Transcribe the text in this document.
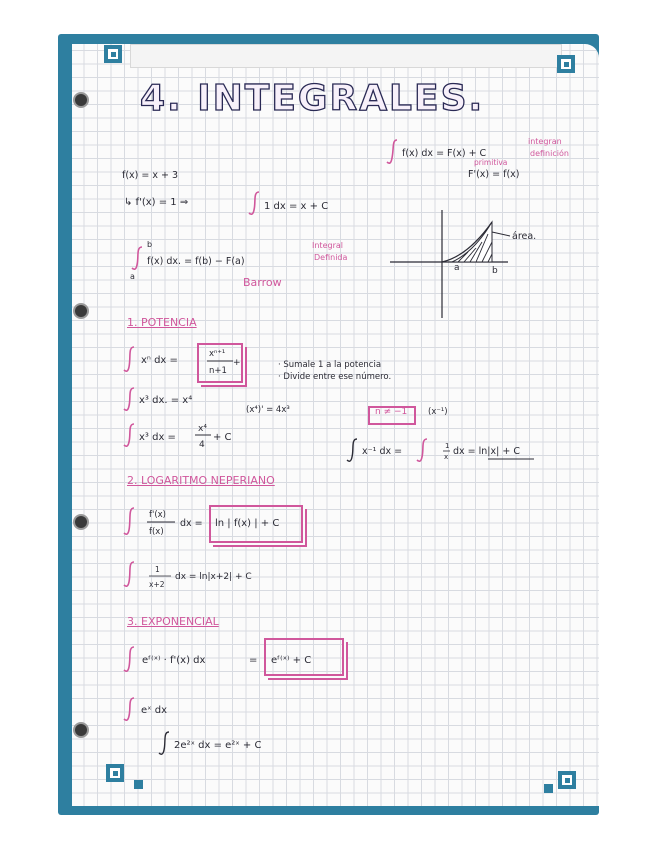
4. INTEGRALES.
f(x) dx = F(x) + C
integran
definición
primitiva
F'(x) = f(x)
f(x) = x + 3
↳ f'(x) = 1 ⇒	1 dx = x + C
b
a
f(x) dx. = f(b) − F(a)
Integral
Definida
Barrow
área.
a	b
1. POTENCIA
xⁿ dx =
xⁿ⁺¹
n+1
+C	· Sumale 1 a la potencia
· Divide entre ese número.
x³ dx. = x⁴
(x⁴)' = 4x³
x³ dx =
x⁴
4
+ C
n ≠ −1 (x⁻¹)
x⁻¹ dx =	1
x dx = ln|x| + C
2. LOGARITMO NEPERIANO
f'(x)
f(x)
dx = ln | f(x) | + C
1
x+2
dx = ln|x+2| + C
3. EXPONENCIAL
eᶠ⁽ˣ⁾ · f'(x) dx	= eᶠ⁽ˣ⁾ + C
eˣ dx
2e²ˣ dx = e²ˣ + C
